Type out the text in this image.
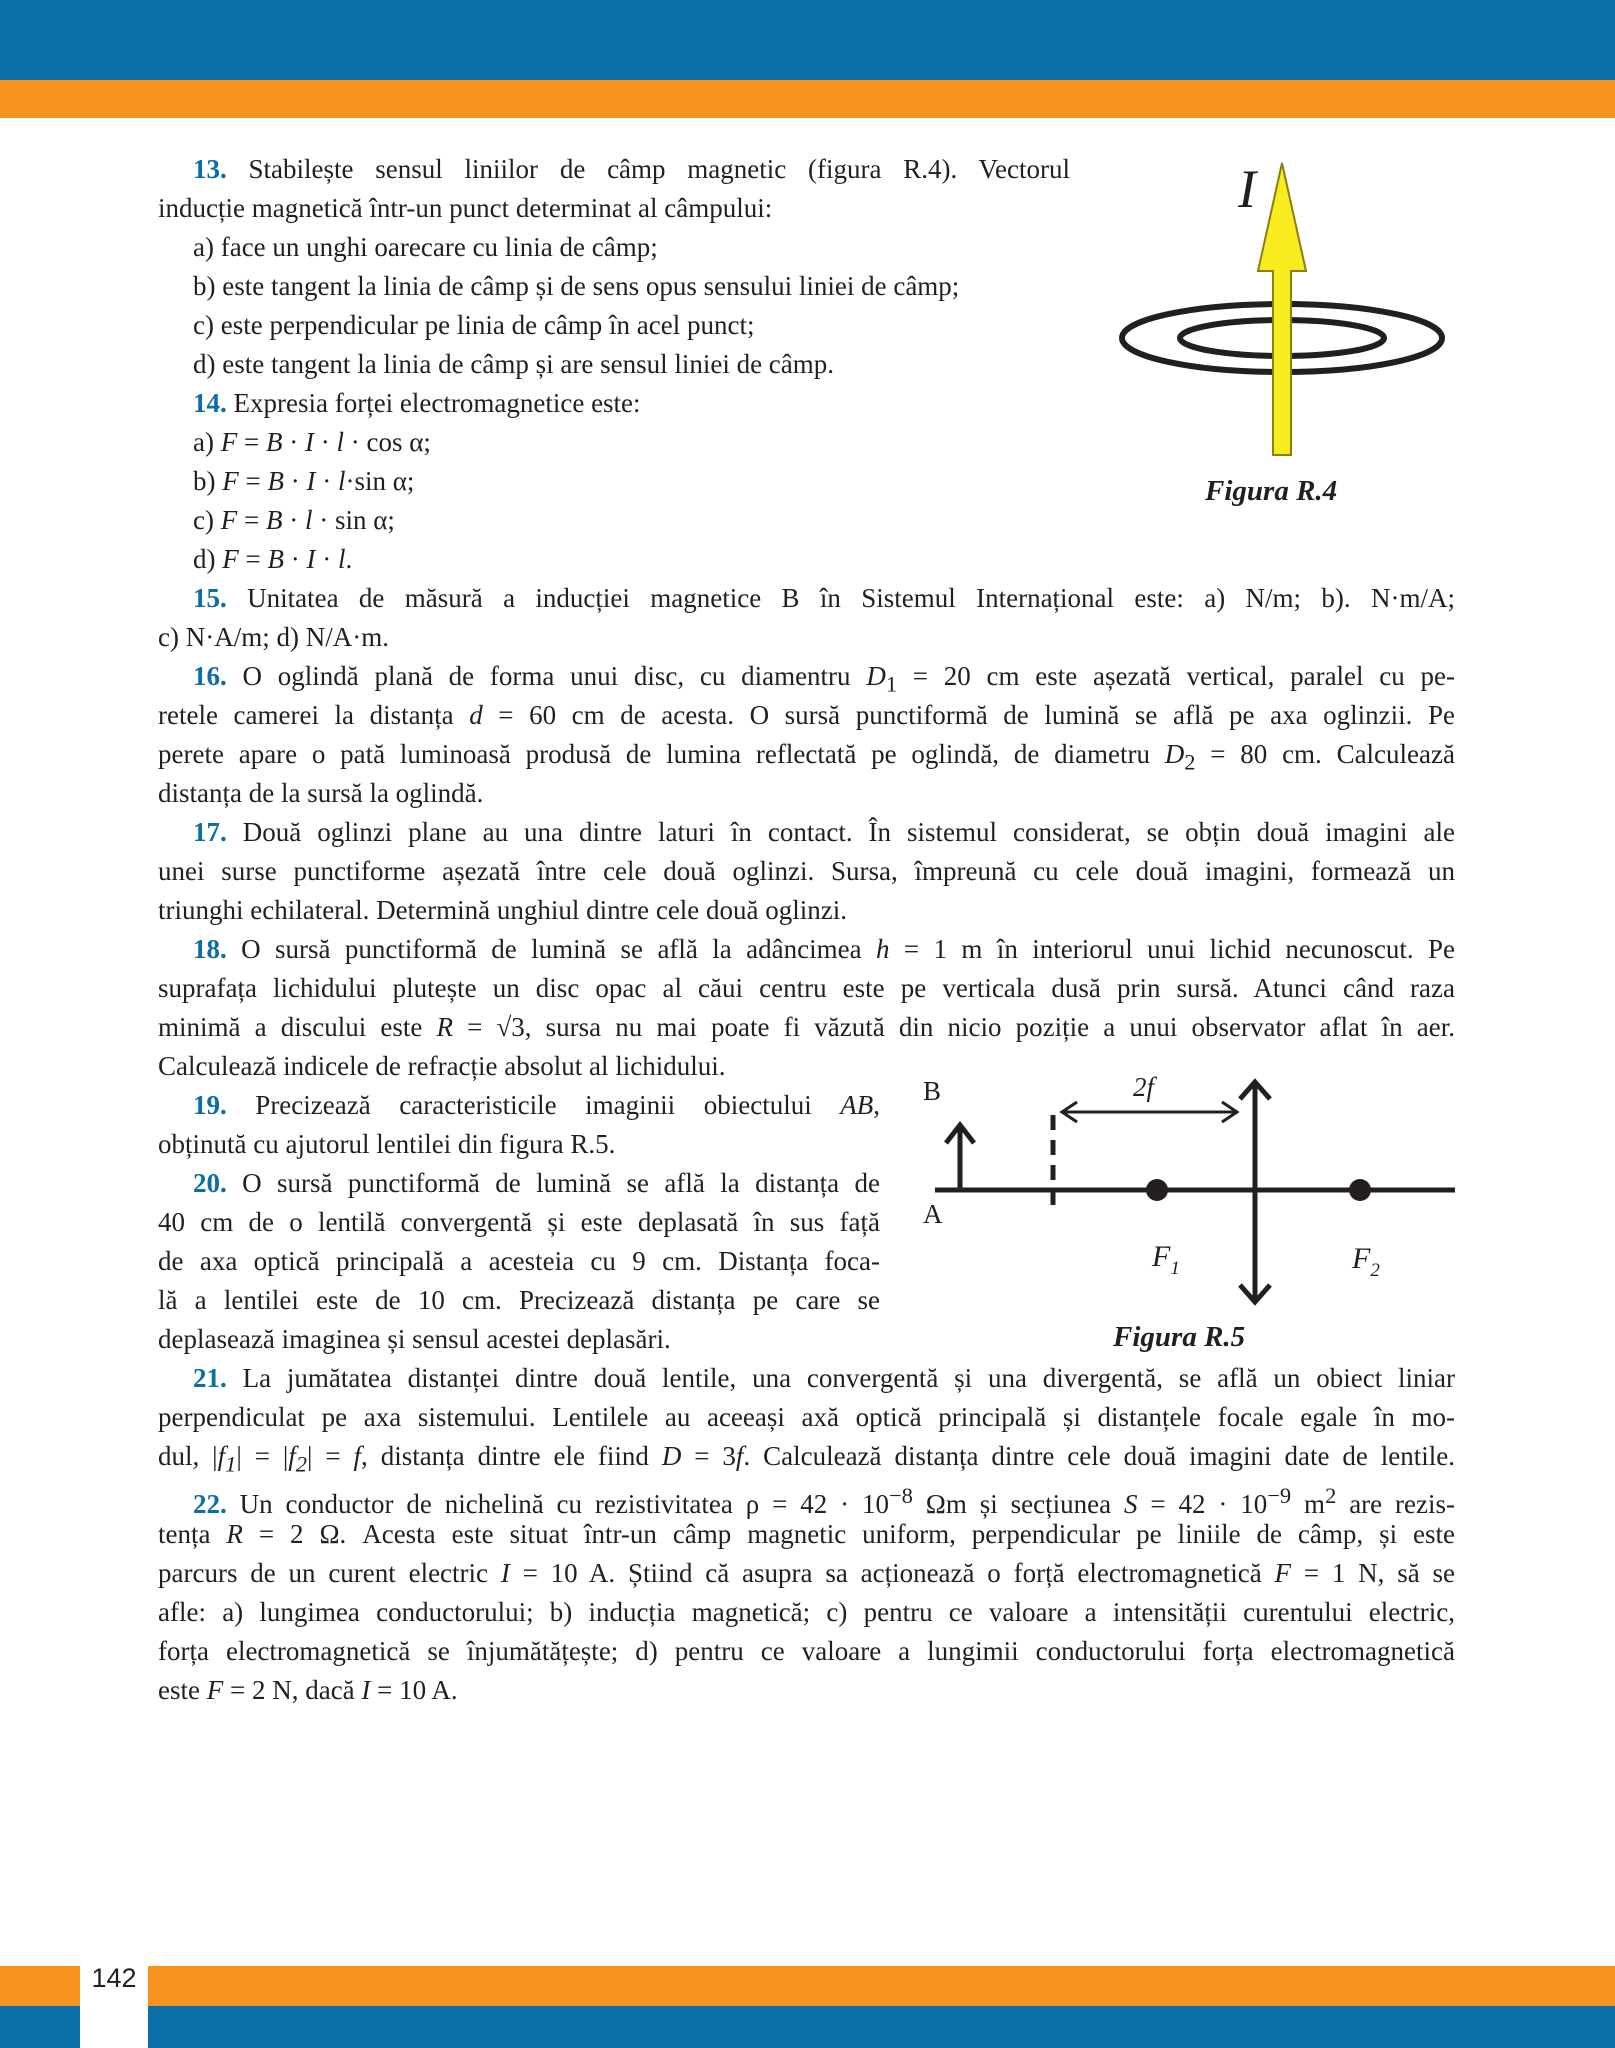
142
13. Stabilește sensul liniilor de câmp magnetic (figura R.4). Vectorul
inducție magnetică într-un punct determinat al câmpului:
a) face un unghi oarecare cu linia de câmp;
b) este tangent la linia de câmp și de sens opus sensului liniei de câmp;
c) este perpendicular pe linia de câmp în acel punct;
d) este tangent la linia de câmp și are sensul liniei de câmp.
14. Expresia forței electromagnetice este:
a) F = B · I · l · cos α;
b) F = B · I · l·sin α;
c) F = B · l · sin α;
d) F = B · I · l.
I
Figura R.4
15. Unitatea de măsură a inducției magnetice B în Sistemul Internațional este: a) N/m; b). N·m/A;
c) N·A/m; d) N/A·m.
16. O oglindă plană de forma unui disc, cu diamentru $D_1 = 20$ cm este așezată vertical, paralel cu pe-
retele camerei la distanța d = 60 cm de acesta. O sursă punctiformă de lumină se află pe axa oglinzii. Pe
perete apare o pată luminoasă produsă de lumina reflectată pe oglindă, de diametru $D_2 = 80$ cm. Calculează
distanța de la sursă la oglindă.
17. Două oglinzi plane au una dintre laturi în contact. În sistemul considerat, se obțin două imagini ale
unei surse punctiforme așezată între cele două oglinzi. Sursa, împreună cu cele două imagini, formează un
triunghi echilateral. Determină unghiul dintre cele două oglinzi.
18. O sursă punctiformă de lumină se află la adâncimea h = 1 m în interiorul unui lichid necunoscut. Pe
suprafața lichidului plutește un disc opac al căui centru este pe verticala dusă prin sursă. Atunci când raza
minimă a discului este R = √3, sursa nu mai poate fi văzută din nicio poziție a unui observator aflat în aer.
Calculează indicele de refracție absolut al lichidului.
19. Precizează caracteristicile imaginii obiectului AB,
obținută cu ajutorul lentilei din figura R.5.
20. O sursă punctiformă de lumină se află la distanța de
40 cm de o lentilă convergentă și este deplasată în sus față
de axa optică principală a acesteia cu 9 cm. Distanța foca-
lă a lentilei este de 10 cm. Precizează distanța pe care se
deplasează imaginea și sensul acestei deplasări.
B
A
2f
$F_1$	$F_2$
Figura R.5
21. La jumătatea distanței dintre două lentile, una convergentă și una divergentă, se află un obiect liniar
perpendiculat pe axa sistemului. Lentilele au aceeași axă optică principală și distanțele focale egale în mo-
dul, $|f_1| = |f_2| = f$, distanța dintre ele fiind D = 3f. Calculează distanța dintre cele două imagini date de lentile.
22. Un conductor de nichelină cu rezistivitatea $\rho = 42 \cdot 10^{-8}$ Ωm și secțiunea $S = 42 \cdot 10^{-9}$ $m^2$ are rezis-
tența R = 2 Ω. Acesta este situat într-un câmp magnetic uniform, perpendicular pe liniile de câmp, și este
parcurs de un curent electric I = 10 A. Știind că asupra sa acționează o forță electromagnetică F = 1 N, să se
afle: a) lungimea conductorului; b) inducția magnetică; c) pentru ce valoare a intensității curentului electric,
forța electromagnetică se înjumătățește; d) pentru ce valoare a lungimii conductorului forța electromagnetică
este F = 2 N, dacă I = 10 A.
